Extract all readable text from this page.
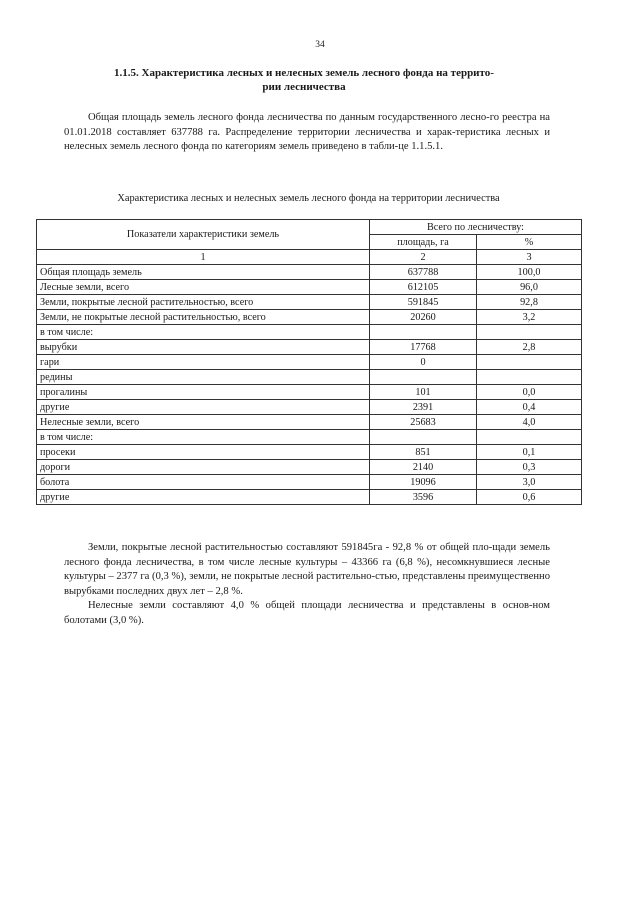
34
1.1.5. Характеристика лесных и нелесных земель лесного фонда на террито-
рии лесничества
Общая площадь земель лесного фонда лесничества по данным государственного лесно-го реестра на 01.01.2018 составляет 637788 га. Распределение территории лесничества и харак-теристика лесных и нелесных земель лесного фонда по категориям земель приведено в табли-це 1.1.5.1.
Характеристика лесных и нелесных земель лесного фонда на территории лесничества
Показатели характеристики земель	Всего по лесничеству:	
	площадь, га	%
1	2	3
Общая площадь земель	637788	100,0
Лесные земли, всего	612105	96,0
Земли, покрытые лесной растительностью, всего	591845	92,8
Земли, не покрытые лесной растительностью, всего	20260	3,2
в том числе:		
вырубки	17768	2,8
гари	0	
редины		
прогалины	101	0,0
другие	2391	0,4
Нелесные земли, всего	25683	4,0
в том числе:		
просеки	851	0,1
дороги	2140	0,3
болота	19096	3,0
другие	3596	0,6
Земли, покрытые лесной растительностью составляют 591845га - 92,8 % от общей пло-щади земель лесного фонда лесничества, в том числе лесные культуры – 43366 га (6,8 %), несомкнувшиеся лесные культуры – 2377 га (0,3 %), земли, не покрытые лесной растительно-стью, представлены преимущественно вырубками последних двух лет – 2,8 %.
Нелесные земли составляют 4,0 % общей площади лесничества и представлены в основ-ном болотами (3,0 %).
